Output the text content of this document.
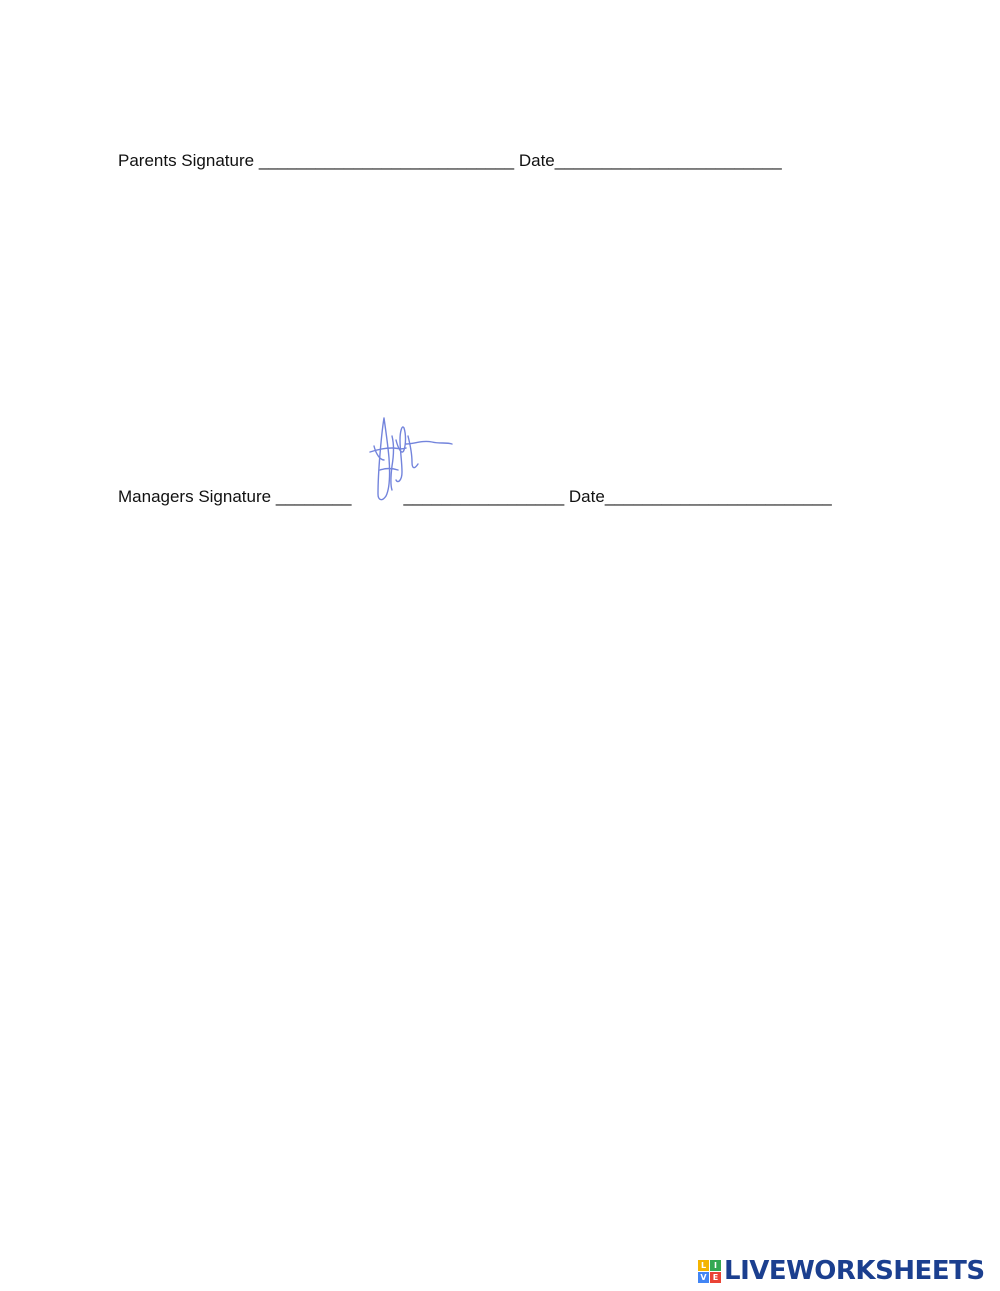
Parents Signature ___________________________ Date________________________
Managers Signature ________	_________________ Date________________________
L I
V E LIVEWORKSHEETS
